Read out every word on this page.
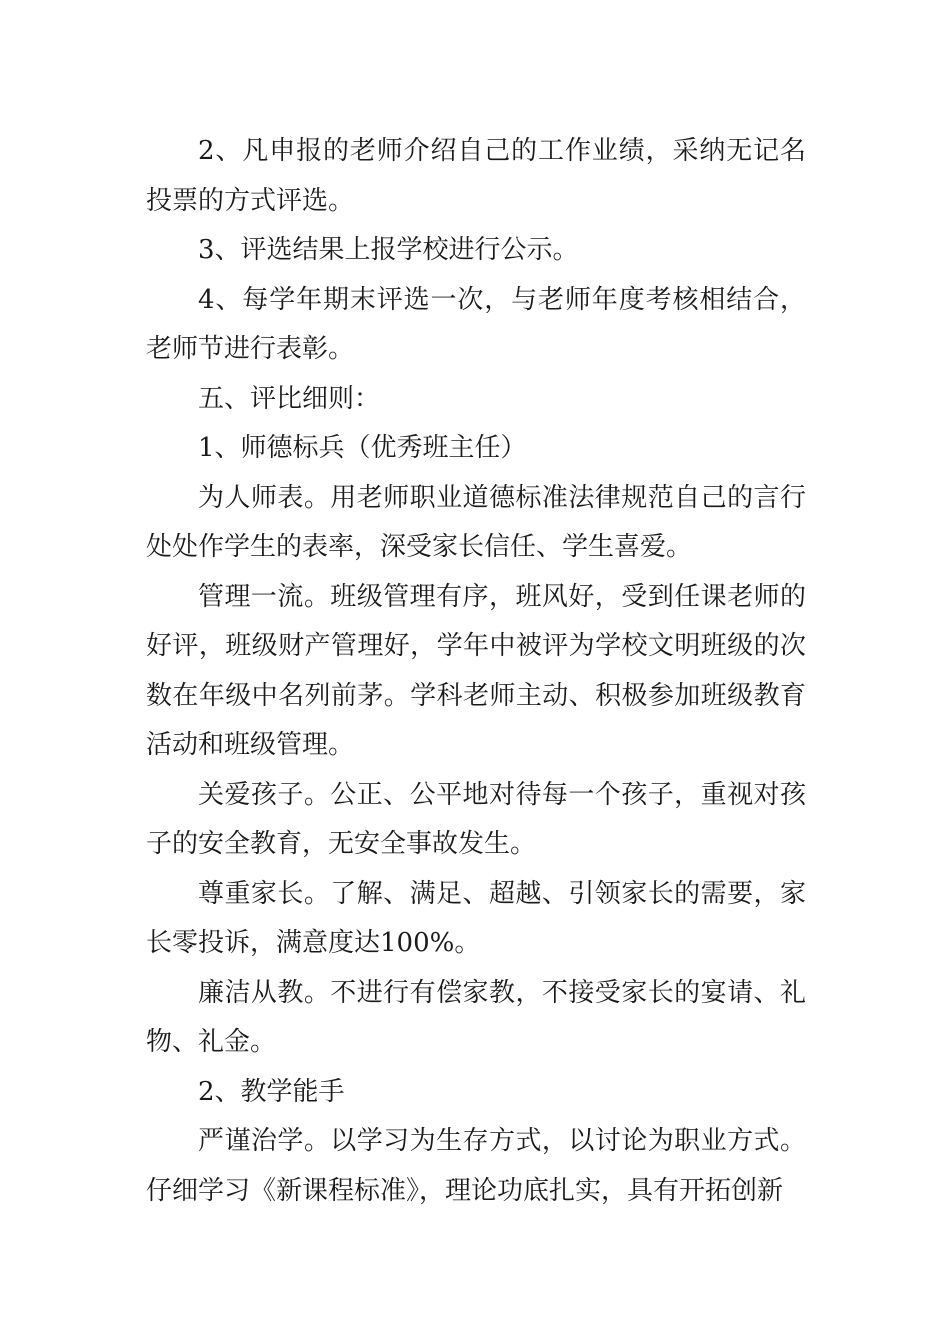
2、凡申报的老师介绍自己的工作业绩，采纳无记名投票的方式评选。

3、评选结果上报学校进行公示。

4、每学年期末评选一次，与老师年度考核相结合，老师节进行表彰。

五、评比细则：

1、师德标兵（优秀班主任）

为人师表。用老师职业道德标准法律规范自己的言行处处作学生的表率，深受家长信任、学生喜爱。

管理一流。班级管理有序，班风好，受到任课老师的好评，班级财产管理好，学年中被评为学校文明班级的次数在年级中名列前茅。学科老师主动、积极参加班级教育活动和班级管理。

关爱孩子。公正、公平地对待每一个孩子，重视对孩子的安全教育，无安全事故发生。

尊重家长。了解、满足、超越、引领家长的需要，家长零投诉，满意度达100%。

廉洁从教。不进行有偿家教，不接受家长的宴请、礼物、礼金。

2、教学能手

严谨治学。以学习为生存方式，以讨论为职业方式。仔细学习《新课程标准》，理论功底扎实，具有开拓创新
